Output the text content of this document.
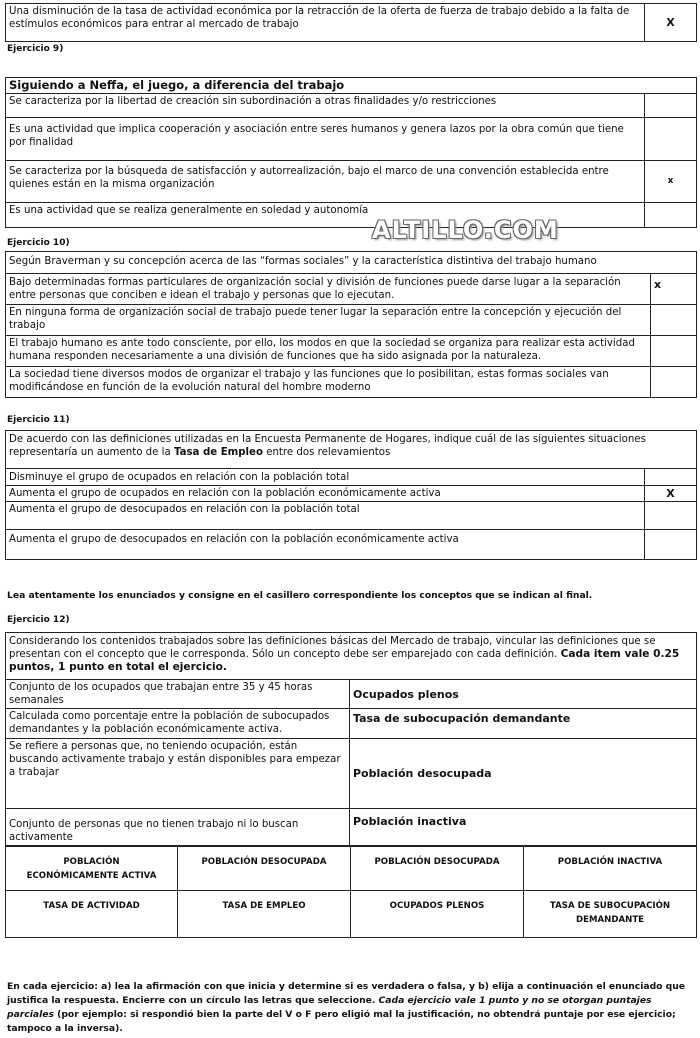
Una disminución de la tasa de actividad económica por la retracción de la oferta de fuerza de trabajo debido a la falta de estímulos económicos para entrar al mercado de trabajo	X
Ejercicio 9)
Siguiendo a Neffa, el juego, a diferencia del trabajo	
Se caracteriza por la libertad de creación sin subordinación a otras finalidades y/o restricciones	
Es una actividad que implica cooperación y asociación entre seres humanos y genera lazos por la obra común que tiene por finalidad	
Se caracteriza por la búsqueda de satisfacción y autorrealización, bajo el marco de una convención establecida entre quienes están en la misma organización	x
Es una actividad que se realiza generalmente en soledad y autonomía	
ALTILLO.COM
Ejercicio 10)
Según Braverman y su concepción acerca de las “formas sociales” y la característica distintiva del trabajo humano	
Bajo determinadas formas particulares de organización social y división de funciones puede darse lugar a la separación entre personas que conciben e idean el trabajo y personas que lo ejecutan.	x
En ninguna forma de organización social de trabajo puede tener lugar la separación entre la concepción y ejecución del trabajo	
El trabajo humano es ante todo consciente, por ello, los modos en que la sociedad se organiza para realizar esta actividad humana responden necesariamente a una división de funciones que ha sido asignada por la naturaleza.	
La sociedad tiene diversos modos de organizar el trabajo y las funciones que lo posibilitan, estas formas sociales van modificándose en función de la evolución natural del hombre moderno	
Ejercicio 11)
De acuerdo con las definiciones utilizadas en la Encuesta Permanente de Hogares, indique cuál de las siguientes situaciones representaría un aumento de la Tasa de Empleo entre dos relevamientos	
Disminuye el grupo de ocupados en relación con la población total	
Aumenta el grupo de ocupados en relación con la población económicamente activa	X
Aumenta el grupo de desocupados en relación con la población total	
Aumenta el grupo de desocupados en relación con la población económicamente activa	
Lea atentamente los enunciados y consigne en el casillero correspondiente los conceptos que se indican al final.
Ejercicio 12)
Considerando los contenidos trabajados sobre las definiciones básicas del Mercado de trabajo, vincular las definiciones que se presentan con el concepto que le corresponda. Sólo un concepto debe ser emparejado con cada definición. Cada item vale 0.25 puntos, 1 punto en total el ejercicio.	
Conjunto de los ocupados que trabajan entre 35 y 45 horas semanales	Ocupados plenos
Calculada como porcentaje entre la población de subocupados demandantes y la población económicamente activa.	Tasa de subocupación demandante
Se refiere a personas que, no teniendo ocupación, están buscando activamente trabajo y están disponibles para empezar a trabajar	Población desocupada
Conjunto de personas que no tienen trabajo ni lo buscan activamente	Población inactiva
POBLACIÓN ECONÓMICAMENTE ACTIVA	POBLACIÓN DESOCUPADA	POBLACIÓN DESOCUPADA	POBLACIÓN INACTIVA
TASA DE ACTIVIDAD	TASA DE EMPLEO	OCUPADOS PLENOS	TASA DE SUBOCUPACIÓN DEMANDANTE
En cada ejercicio: a) lea la afirmación con que inicia y determine si es verdadera o falsa, y b) elija a continuación el enunciado que justifica la respuesta. Encierre con un círculo las letras que seleccione. Cada ejercicio vale 1 punto y no se otorgan puntajes parciales (por ejemplo: si respondió bien la parte del V o F pero eligió mal la justificación, no obtendrá puntaje por ese ejercicio; tampoco a la inversa).
